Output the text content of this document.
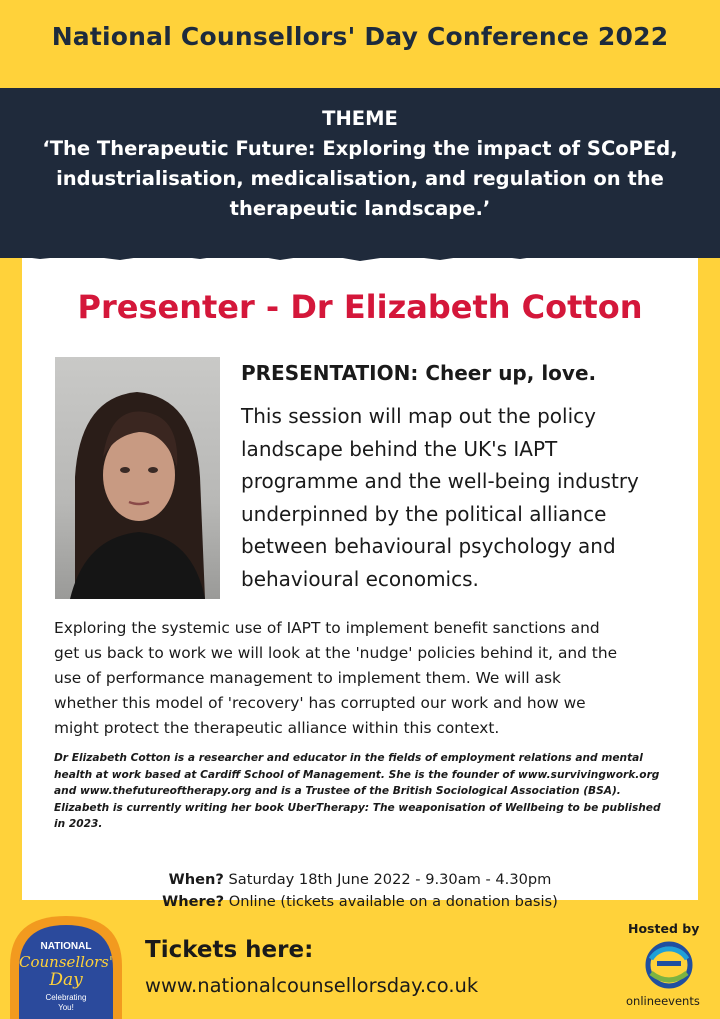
National Counsellors' Day Conference 2022
THEME
‘The Therapeutic Future: Exploring the impact of SCoPEd,
industrialisation, medicalisation, and regulation on the
therapeutic landscape.’
Presenter - Dr Elizabeth Cotton
PRESENTATION: Cheer up, love.
This session will map out the policy
landscape behind the UK's IAPT
programme and the well-being industry
underpinned by the political alliance
between behavioural psychology and
behavioural economics.
Exploring the systemic use of IAPT to implement benefit sanctions and
get us back to work we will look at the 'nudge' policies behind it, and the
use of performance management to implement them. We will ask
whether this model of 'recovery' has corrupted our work and how we
might protect the therapeutic alliance within this context.
Dr Elizabeth Cotton is a researcher and educator in the fields of employment relations and mental
health at work based at Cardiff School of Management. She is the founder of www.survivingwork.org
and www.thefutureoftherapy.org and is a Trustee of the British Sociological Association (BSA).
Elizabeth is currently writing her book UberTherapy: The weaponisation of Wellbeing to be published
in 2023.
When? Saturday 18th June 2022 - 9.30am - 4.30pm
Where? Online (tickets available on a donation basis)
NATIONAL
Counsellors'
Day
Celebrating
You!
Tickets here:
www.nationalcounsellorsday.co.uk
Hosted by
onlineevents
